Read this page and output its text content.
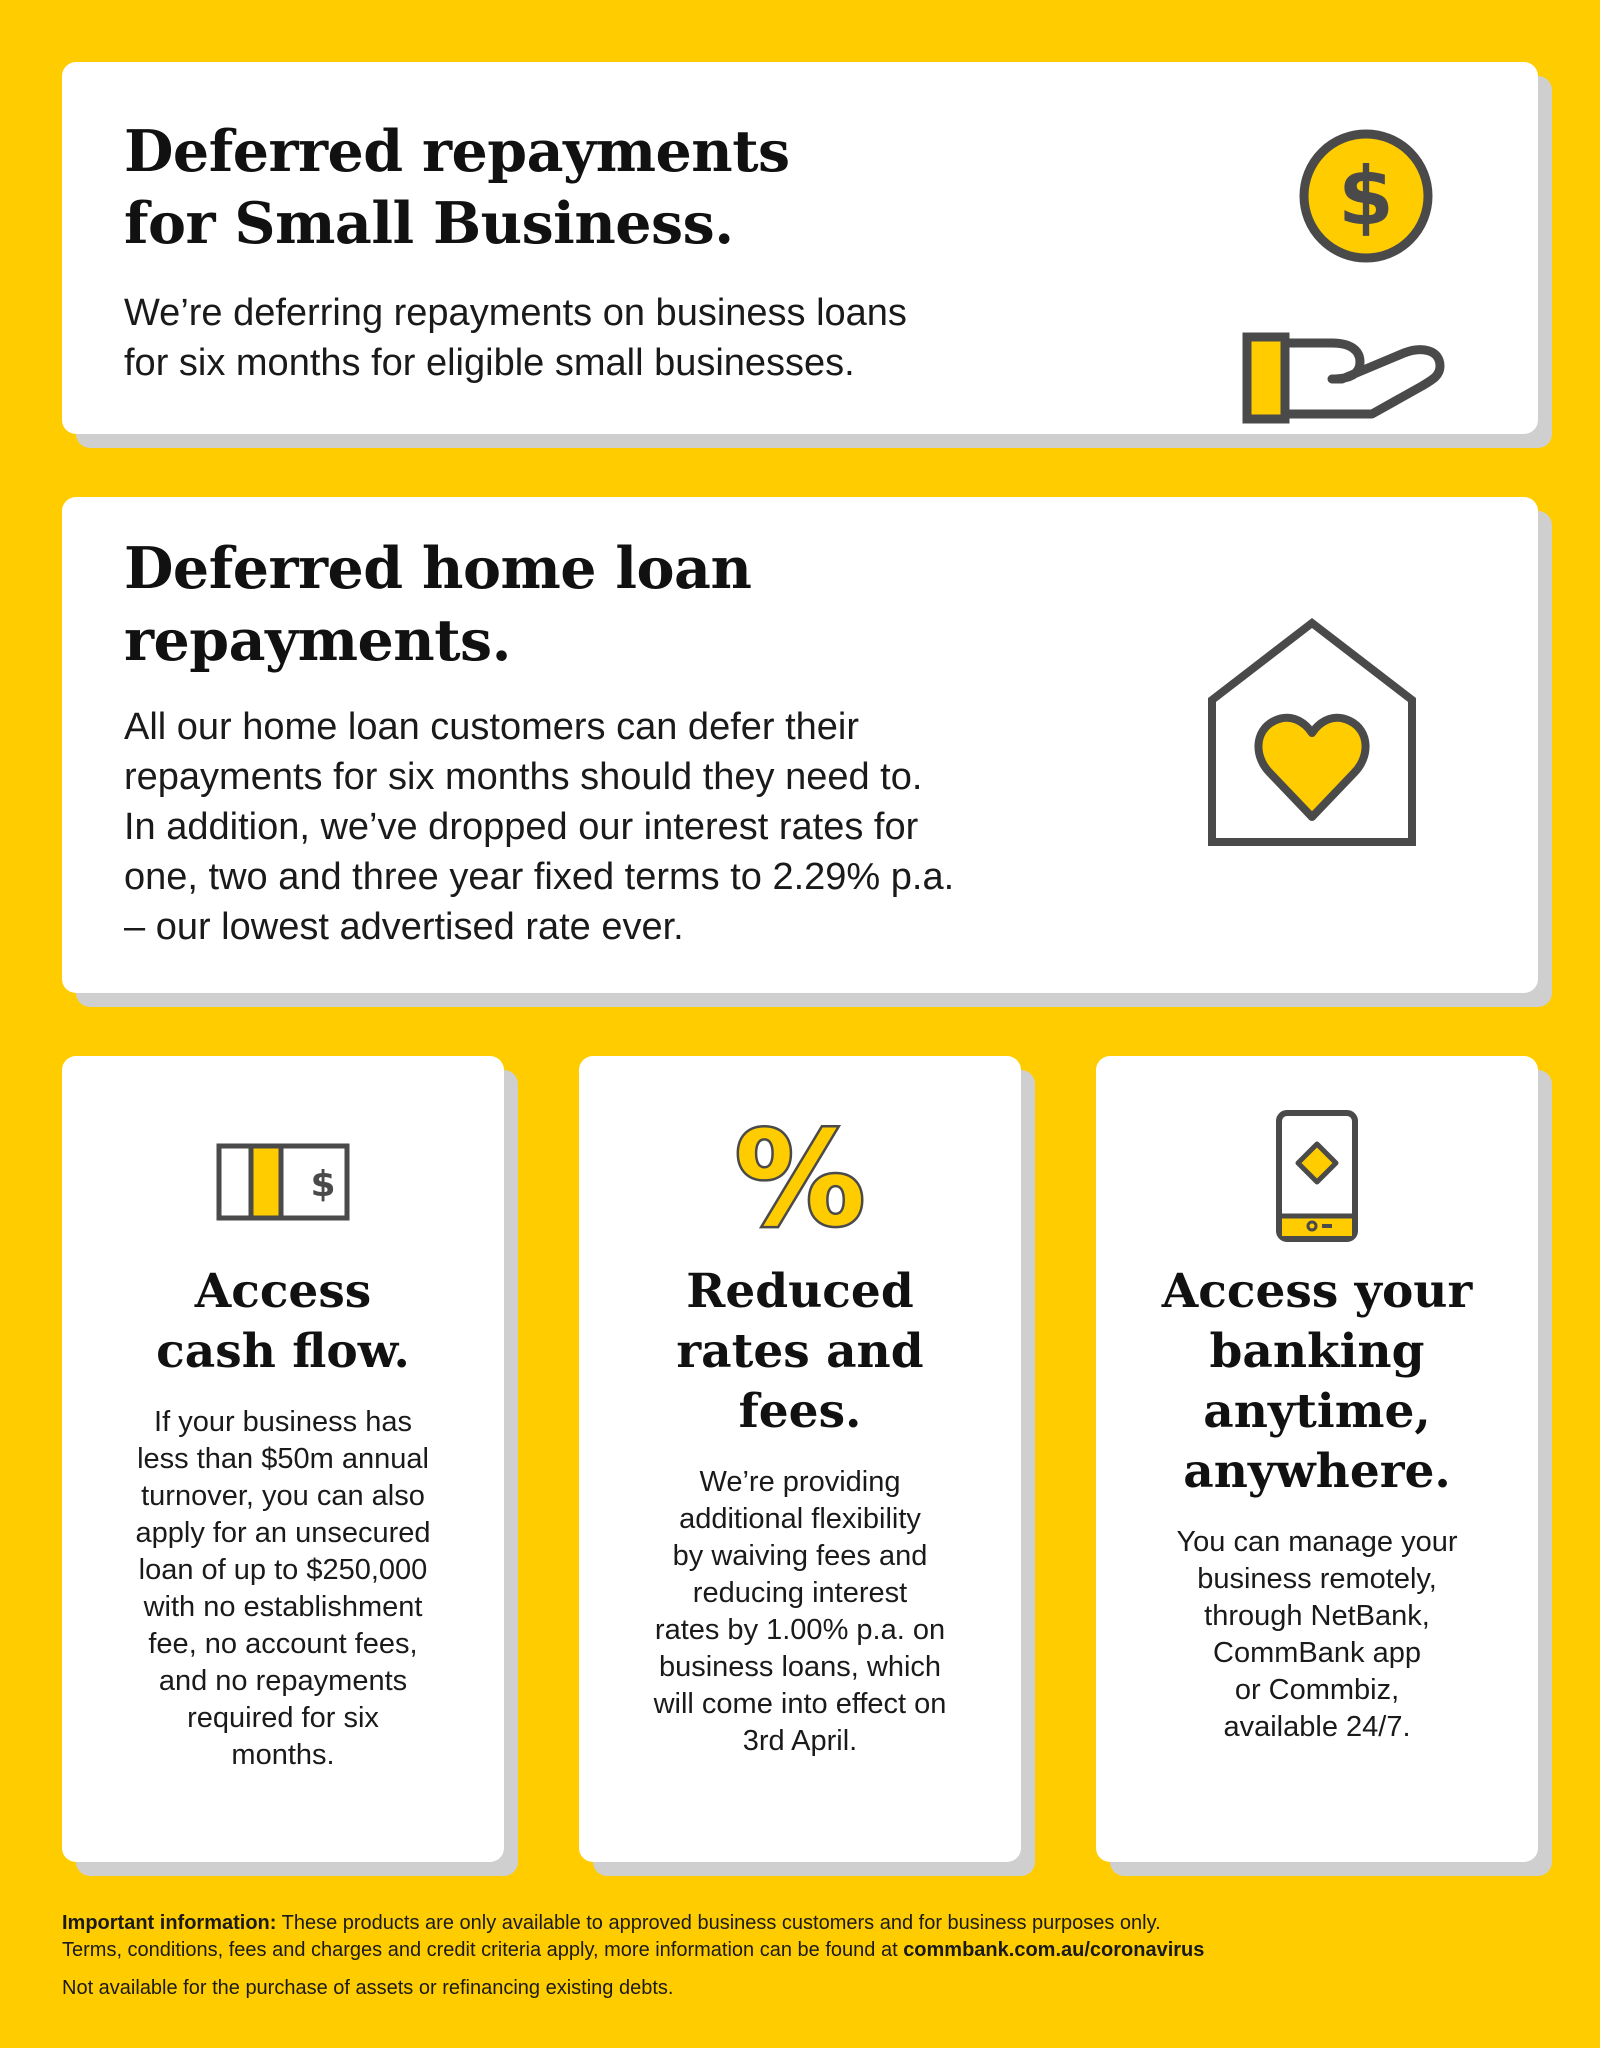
Deferred repayments
for Small Business.
We’re deferring repayments on business loans
for six months for eligible small businesses.
$
Deferred home loan
repayments.
All our home loan customers can defer their
repayments for six months should they need to.
In addition, we’ve dropped our interest rates for
one, two and three year fixed terms to 2.29% p.a.
– our lowest advertised rate ever.
$
Access
cash flow.
If your business has
less than $50m annual
turnover, you can also
apply for an unsecured
loan of up to $250,000
with no establishment
fee, no account fees,
and no repayments
required for six
months.
%
Reduced
rates and
fees.
We’re providing
additional flexibility
by waiving fees and
reducing interest
rates by 1.00% p.a. on
business loans, which
will come into effect on
3rd April.
Access your
banking
anytime,
anywhere.
You can manage your
business remotely,
through NetBank,
CommBank app
or Commbiz,
available 24/7.
Important information: These products are only available to approved business customers and for business purposes only.
Terms, conditions, fees and charges and credit criteria apply, more information can be found at commbank.com.au/coronavirus
Not available for the purchase of assets or refinancing existing debts.
